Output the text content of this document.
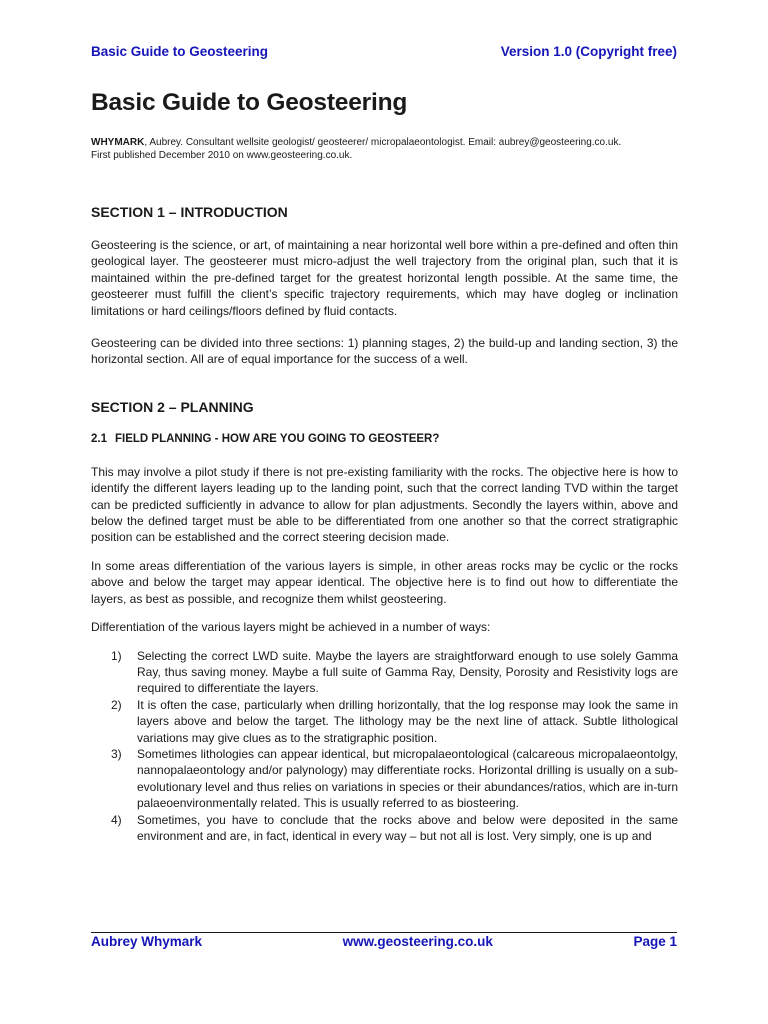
Basic Guide to Geosteering	Version 1.0 (Copyright free)
Basic Guide to Geosteering
WHYMARK, Aubrey. Consultant wellsite geologist/ geosteerer/ micropalaeontologist. Email: aubrey@geosteering.co.uk.
First published December 2010 on www.geosteering.co.uk.
SECTION 1 – INTRODUCTION

Geosteering is the science, or art, of maintaining a near horizontal well bore within a pre-defined and often thin geological layer. The geosteerer must micro-adjust the well trajectory from the original plan, such that it is maintained within the pre-defined target for the greatest horizontal length possible. At the same time, the geosteerer must fulfill the client’s specific trajectory requirements, which may have dogleg or inclination limitations or hard ceilings/floors defined by fluid contacts.

Geosteering can be divided into three sections: 1) planning stages, 2) the build-up and landing section, 3) the horizontal section. All are of equal importance for the success of a well.

SECTION 2 – PLANNING
2.1 FIELD PLANNING - HOW ARE YOU GOING TO GEOSTEER?

This may involve a pilot study if there is not pre-existing familiarity with the rocks. The objective here is how to identify the different layers leading up to the landing point, such that the correct landing TVD within the target can be predicted sufficiently in advance to allow for plan adjustments. Secondly the layers within, above and below the defined target must be able to be differentiated from one another so that the correct stratigraphic position can be established and the correct steering decision made.

In some areas differentiation of the various layers is simple, in other areas rocks may be cyclic or the rocks above and below the target may appear identical. The objective here is to find out how to differentiate the layers, as best as possible, and recognize them whilst geosteering.

Differentiation of the various layers might be achieved in a number of ways:

1) Selecting the correct LWD suite. Maybe the layers are straightforward enough to use solely Gamma Ray, thus saving money. Maybe a full suite of Gamma Ray, Density, Porosity and Resistivity logs are required to differentiate the layers.
2) It is often the case, particularly when drilling horizontally, that the log response may look the same in layers above and below the target. The lithology may be the next line of attack. Subtle lithological variations may give clues as to the stratigraphic position.
3) Sometimes lithologies can appear identical, but micropalaeontological (calcareous micropalaeontolgy, nannopalaeontology and/or palynology) may differentiate rocks. Horizontal drilling is usually on a sub-evolutionary level and thus relies on variations in species or their abundances/ratios, which are in-turn palaeoenvironmentally related. This is usually referred to as biosteering.
4) Sometimes, you have to conclude that the rocks above and below were deposited in the same environment and are, in fact, identical in every way – but not all is lost. Very simply, one is up and
Aubrey Whymark	www.geosteering.co.uk	Page 1
